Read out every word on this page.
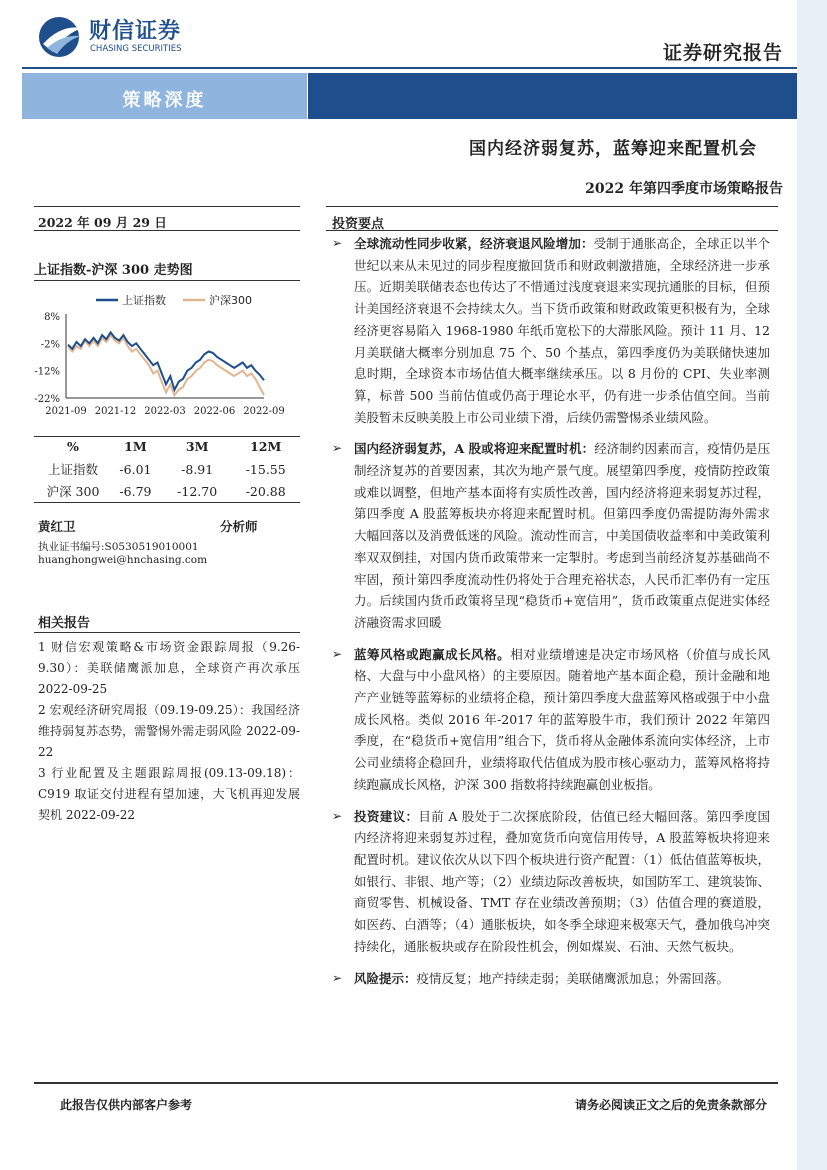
财信证券
CHASING SECURITIES	证券研究报告
策略深度
国内经济弱复苏，蓝筹迎来配置机会
2022 年第四季度市场策略报告
2022 年 09 月 29 日
上证指数-沪深 300 走势图
8%
-2%
-12%
-22%
2021-09 2021-12 2022-03 2022-06 2022-09
上证指数	沪深300
%	1M	3M	12M
上证指数	-6.01	-8.91	-15.55
沪深 300	-6.79	-12.70	-20.88
黄红卫	分析师
执业证书编号:S0530519010001
huanghongwei@hnchasing.com
相关报告
1 财信宏观策略&市场资金跟踪周报（9.26-9.30）：美联储鹰派加息，全球资产再次承压 2022-09-25
2 宏观经济研究周报（09.19-09.25）：我国经济维持弱复苏态势，需警惕外需走弱风险 2022-09-22
3 行业配置及主题跟踪周报(09.13-09.18)：C919 取证交付进程有望加速，大飞机再迎发展契机 2022-09-22
投资要点
➢ 全球流动性同步收紧，经济衰退风险增加：受制于通胀高企，全球正以半个世纪以来从未见过的同步程度撤回货币和财政刺激措施，全球经济进一步承压。近期美联储表态也传达了不惜通过浅度衰退来实现抗通胀的目标，但预计美国经济衰退不会持续太久。当下货币政策和财政政策更积极有为，全球经济更容易陷入 1968-1980 年纸币宽松下的大滞胀风险。预计 11 月、12 月美联储大概率分别加息 75 个、50 个基点，第四季度仍为美联储快速加息时期，全球资本市场估值大概率继续承压。以 8 月份的 CPI、失业率测算，标普 500 当前估值或仍高于理论水平，仍有进一步杀估值空间。当前美股暂未反映美股上市公司业绩下滑，后续仍需警惕杀业绩风险。
➢ 国内经济弱复苏，A 股或将迎来配置时机：经济制约因素而言，疫情仍是压制经济复苏的首要因素，其次为地产景气度。展望第四季度，疫情防控政策或难以调整，但地产基本面将有实质性改善，国内经济将迎来弱复苏过程，第四季度 A 股蓝筹板块亦将迎来配置时机。但第四季度仍需提防海外需求大幅回落以及消费低迷的风险。流动性而言，中美国债收益率和中美政策利率双双倒挂，对国内货币政策带来一定掣肘。考虑到当前经济复苏基础尚不牢固，预计第四季度流动性仍将处于合理充裕状态，人民币汇率仍有一定压力。后续国内货币政策将呈现“稳货币+宽信用”，货币政策重点促进实体经济融资需求回暖
➢ 蓝筹风格或跑赢成长风格。相对业绩增速是决定市场风格（价值与成长风格、大盘与中小盘风格）的主要原因。随着地产基本面企稳，预计金融和地产产业链等蓝筹标的业绩将企稳，预计第四季度大盘蓝筹风格或强于中小盘成长风格。类似 2016 年-2017 年的蓝筹股牛市，我们预计 2022 年第四季度，在“稳货币+宽信用”组合下，货币将从金融体系流向实体经济，上市公司业绩将企稳回升，业绩将取代估值成为股市核心驱动力，蓝筹风格将持续跑赢成长风格，沪深 300 指数将持续跑赢创业板指。
➢ 投资建议：目前 A 股处于二次探底阶段，估值已经大幅回落。第四季度国内经济将迎来弱复苏过程，叠加宽货币向宽信用传导，A 股蓝筹板块将迎来配置时机。建议依次从以下四个板块进行资产配置：（1）低估值蓝筹板块，如银行、非银、地产等；（2）业绩边际改善板块，如国防军工、建筑装饰、商贸零售、机械设备、TMT 存在业绩改善预期；（3）估值合理的赛道股，如医药、白酒等；（4）通胀板块，如冬季全球迎来极寒天气，叠加俄乌冲突持续化，通胀板块或存在阶段性机会，例如煤炭、石油、天然气板块。
➢ 风险提示：疫情反复；地产持续走弱；美联储鹰派加息；外需回落。
此报告仅供内部客户参考	请务必阅读正文之后的免责条款部分
